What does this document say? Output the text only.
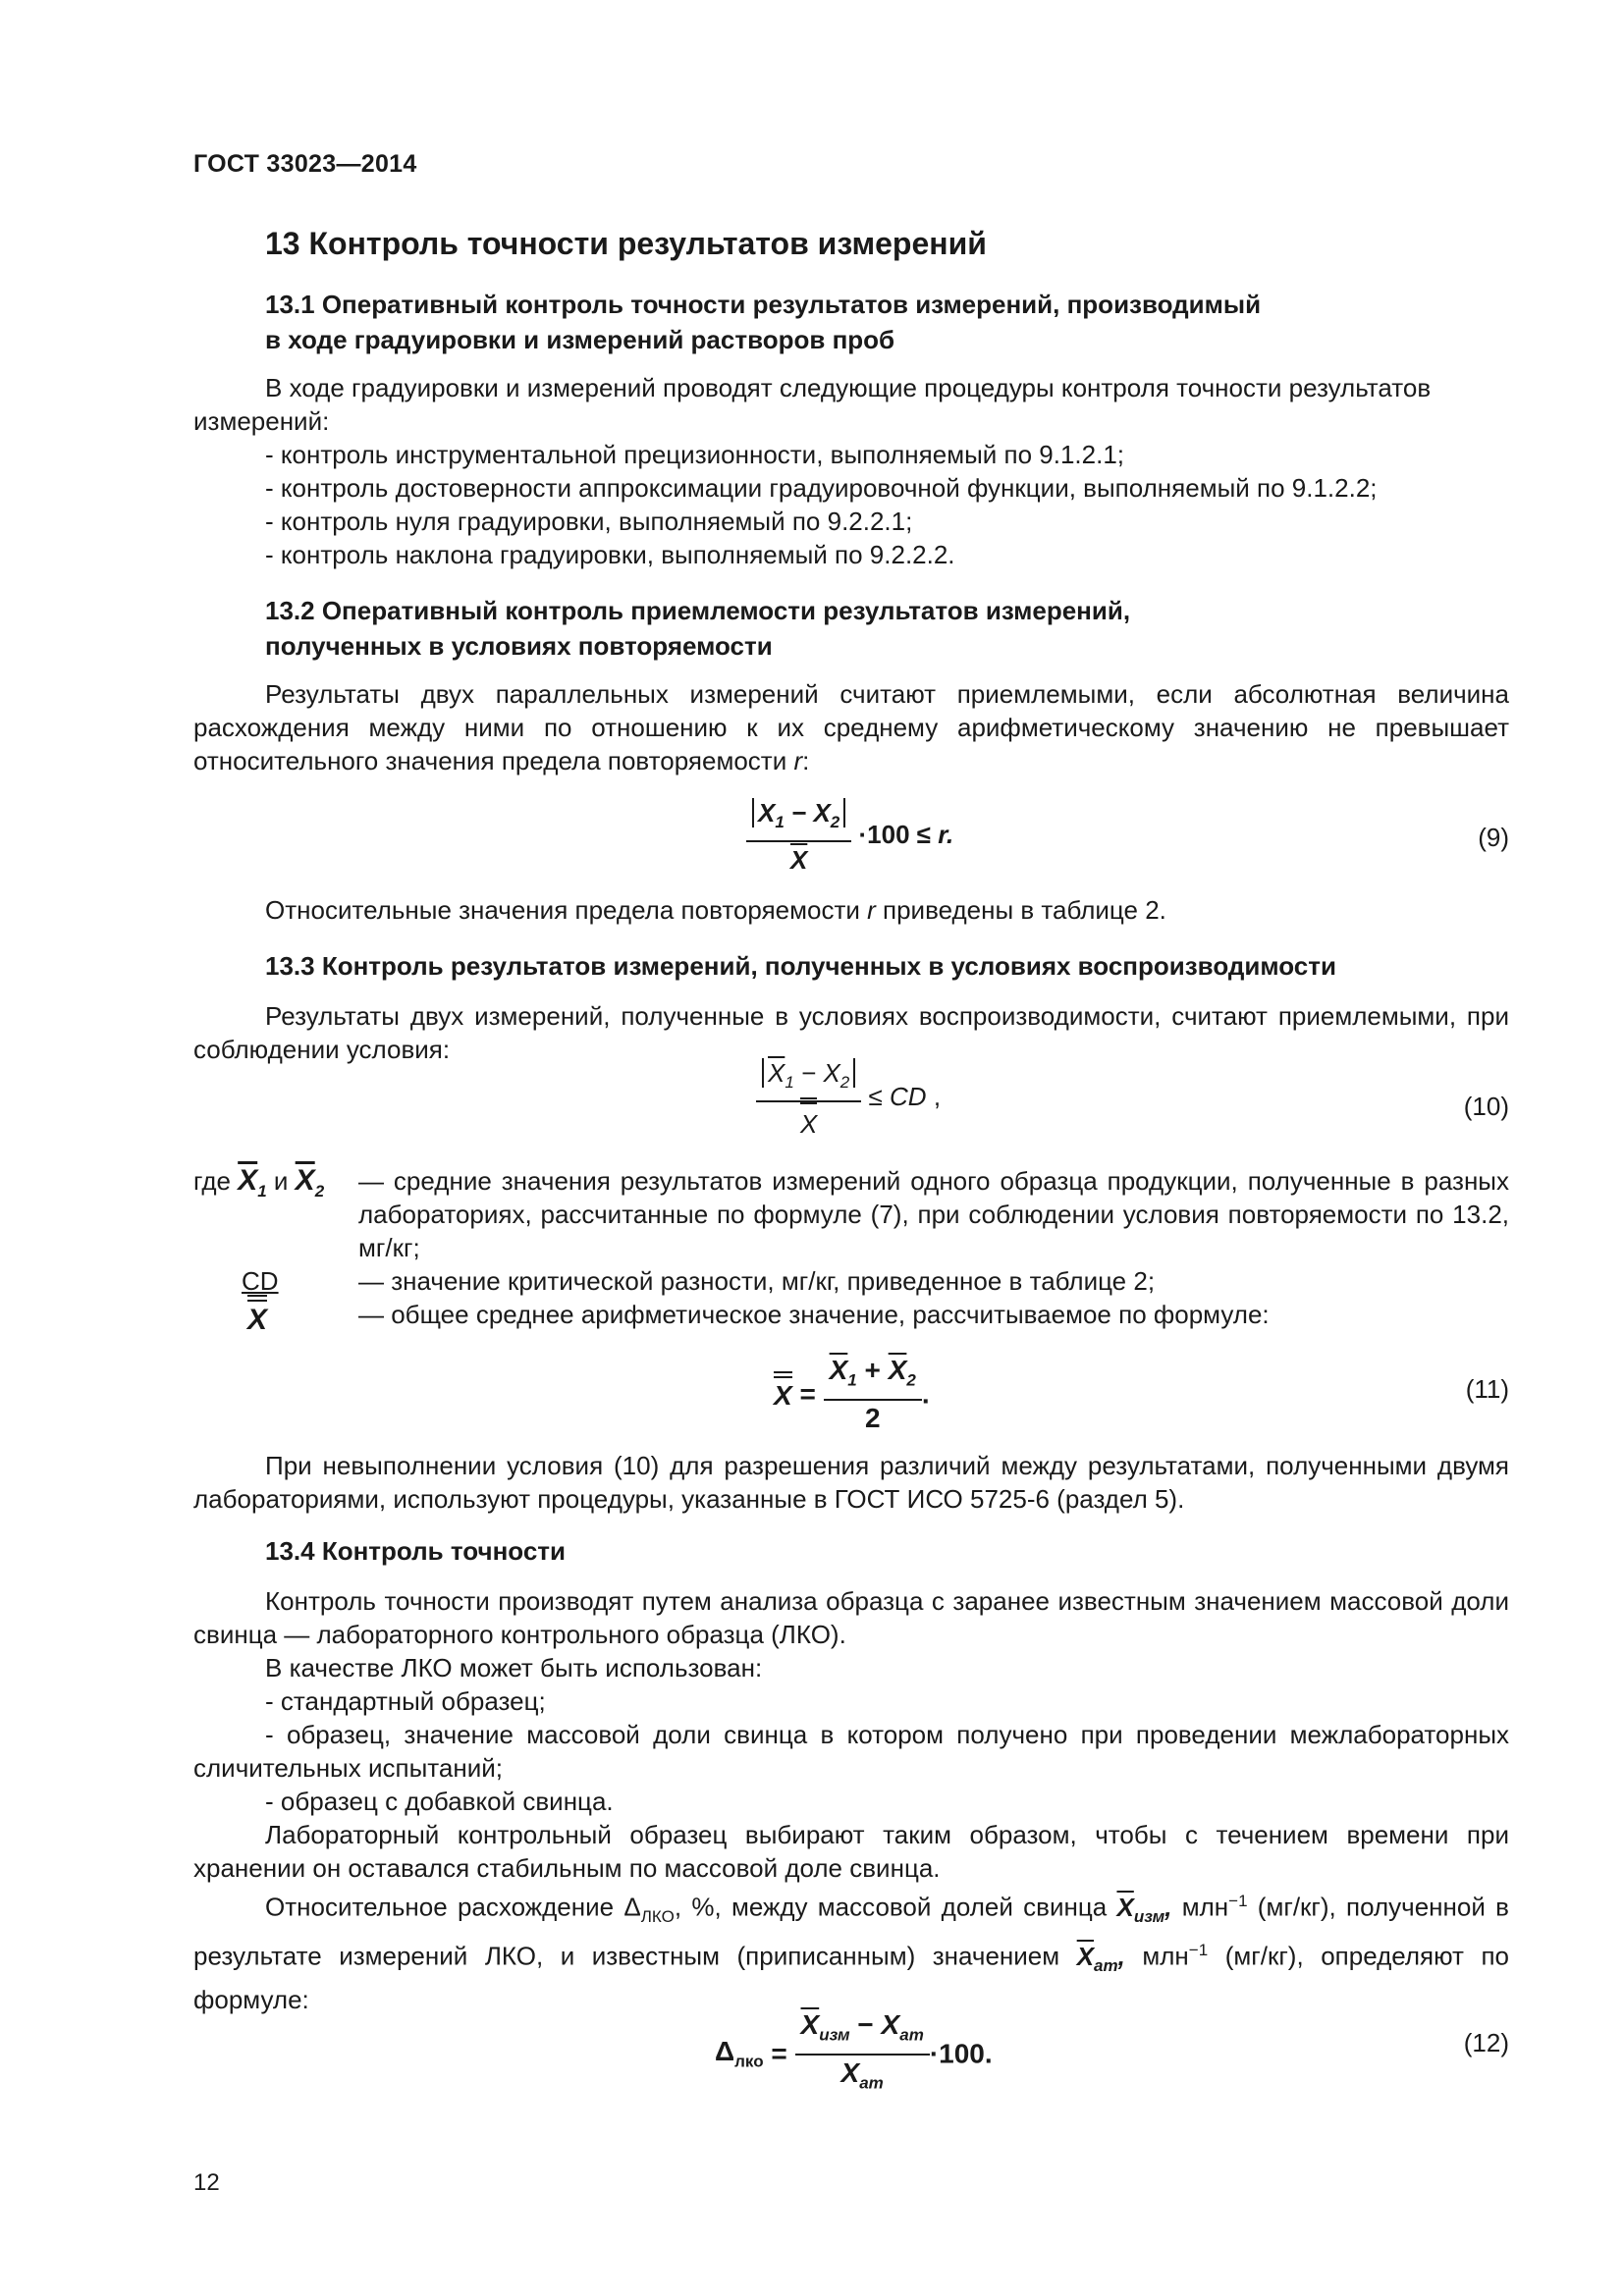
ГОСТ 33023—2014
13 Контроль точности результатов измерений
13.1 Оперативный контроль точности результатов измерений, производимый
в ходе градуировки и измерений растворов проб
В ходе градуировки и измерений проводят следующие процедуры контроля точности результатов
измерений:
- контроль инструментальной прецизионности, выполняемый по 9.1.2.1;
- контроль достоверности аппроксимации градуировочной функции, выполняемый по 9.1.2.2;
- контроль нуля градуировки, выполняемый по 9.2.2.1;
- контроль наклона градуировки, выполняемый по 9.2.2.2.
13.2 Оперативный контроль приемлемости результатов измерений,
полученных в условиях повторяемости
Результаты двух параллельных измерений считают приемлемыми, если абсолютная величина расхождения между ними по отношению к их среднему арифметическому значению не превышает относительного значения предела повторяемости r:
$\frac{X_1 - X_2}{X} \cdot 100 \le r$.	(9)
Относительные значения предела повторяемости r приведены в таблице 2.
13.3 Контроль результатов измерений, полученных в условиях воспроизводимости
Результаты двух измерений, полученные в условиях воспроизводимости, считают приемлемыми, при соблюдении условия:
$\frac{\overline{X}_1 - X_2}{X}$ ≤ CD ,	(10)
где $\overline{X}_1$ и $\overline{X}_2$ — средние значения результатов измерений одного образца продукции, полученные в разных лабораториях, рассчитанные по формуле (7), при соблюдении условия повторяемости по 13.2, мг/кг;
CD	— значение критической разности, мг/кг, приведенное в таблице 2;
X	— общее среднее арифметическое значение, рассчитываемое по формуле:
$X = \frac{\overline{X}_1 + \overline{X}_2}{2}$ .	(11)
При невыполнении условия (10) для разрешения различий между результатами, полученными двумя лабораториями, используют процедуры, указанные в ГОСТ ИСО 5725-6 (раздел 5).
13.4 Контроль точности
Контроль точности производят путем анализа образца с заранее известным значением массовой доли свинца — лабораторного контрольного образца (ЛКО).
В качестве ЛКО может быть использован:
- стандартный образец;
- образец, значение массовой доли свинца в котором получено при проведении межлабораторных сличительных испытаний;
- образец с добавкой свинца.
Лабораторный контрольный образец выбирают таким образом, чтобы с течением времени при хранении он оставался стабильным по массовой доле свинца.
Относительное расхождение $\Delta_{ЛКО}$, %, между массовой долей свинца $\overline{X}_{изм}$, млн$^{-1}$ (мг/кг), полученной в результате измерений ЛКО, и известным (приписанным) значением $\overline{X}_{ат}$, млн$^{-1}$ (мг/кг), определяют по формуле:
$\Delta_{лко} = \frac{\overline{X}_{изм} - X_{ат}}{X_{ат}} \cdot 100$.	(12)
12
